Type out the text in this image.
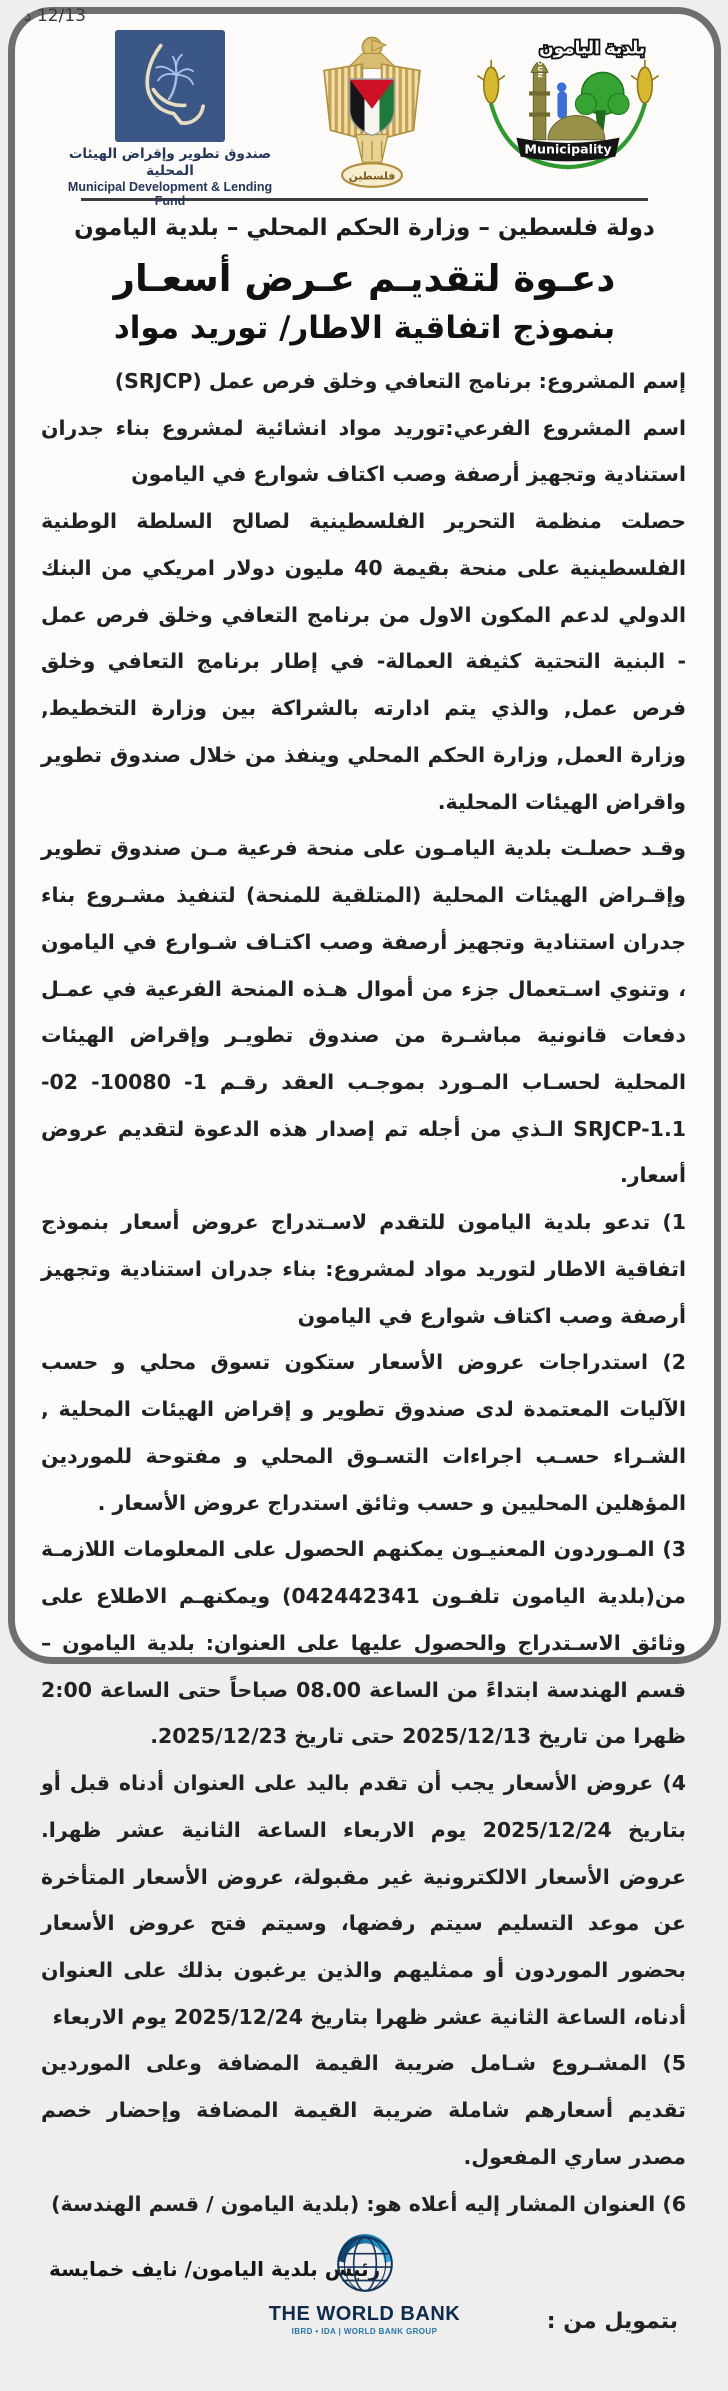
صندوق تطوير وإقراض الهيئات المحلية
Municipal Development & Lending Fund
فلسطين
ALYAMOUN
Municipality
بلدية اليامون
دولة فلسطين – وزارة الحكم المحلي – بلدية اليامون
دعـوة لتقديـم عـرض أسعـار
بنموذج اتفاقية الاطار/ توريد مواد

إسم المشروع: برنامج التعافي وخلق فرص عمل (SRJCP)

اسم المشروع الفرعي:توريد مواد انشائية لمشروع بناء جدران استنادية وتجهيز أرصفة وصب اكتاف شوارع في اليامون

حصلت منظمة التحرير الفلسطينية لصالح السلطة الوطنية الفلسطينية على منحة بقيمة 40 مليون دولار امريكي من البنك الدولي لدعم المكون الاول من برنامج التعافي وخلق فرص عمل - البنية التحتية كثيفة العمالة- في إطار برنامج التعافي وخلق فرص عمل, والذي يتم ادارته بالشراكة بين وزارة التخطيط, وزارة العمل, وزارة الحكم المحلي وينفذ من خلال صندوق تطوير واقراض الهيئات المحلية.

وقـد حصلـت بلدية اليامـون على منحة فرعية مـن صندوق تطوير وإقـراض الهيئات المحلية (المتلقية للمنحة) لتنفيذ مشـروع بناء جدران استنادية وتجهيز أرصفة وصب اكتـاف شـوارع في اليامون ، وتنوي اسـتعمال جزء من أموال هـذه المنحة الفرعية في عمـل دفعات قانونية مباشـرة من صندوق تطويـر وإقراض الهيئات المحلية لحسـاب المـورد بموجـب العقد رقـم 1- 10080- 02- SRJCP-1.1 الـذي من أجله تم إصدار هذه الدعوة لتقديم عروض أسعار.

1) تدعو بلدية اليامون للتقدم لاسـتدراج عروض أسعار بنموذج اتفاقية الاطار لتوريد مواد لمشروع: بناء جدران استنادية وتجهيز أرصفة وصب اكتاف شوارع في اليامون

2) استدراجات عروض الأسعار ستكون تسوق محلي و حسب الآليات المعتمدة لدى صندوق تطوير و إقراض الهيئات المحلية , الشـراء حسـب اجراءات التسـوق المحلي و مفتوحة للموردين المؤهلين المحليين و حسب وثائق استدراج عروض الأسعار .

3) المـوردون المعنيـون يمكنهم الحصول على المعلومات اللازمـة من(بلدية اليامون تلفـون 042442341) ويمكنهـم الاطلاع على وثائق الاسـتدراج والحصول عليها على العنوان: بلدية اليامون – قسم الهندسة ابتداءً من الساعة 08.00 صباحاً حتى الساعة 2:00 ظهرا من تاريخ 2025/12/13 حتى تاريخ 2025/12/23.

4) عروض الأسعار يجب أن تقدم باليد على العنوان أدناه قبل أو بتاريخ 2025/12/24 يوم الاربعاء الساعة الثانية عشر ظهرا. عروض الأسعار الالكترونية غير مقبولة، عروض الأسعار المتأخرة عن موعد التسليم سيتم رفضها، وسيتم فتح عروض الأسعار بحضور الموردون أو ممثليهم والذين يرغبون بذلك على العنوان أدناه، الساعة الثانية عشر ظهرا بتاريخ 2025/12/24 يوم الاربعاء

5) المشـروع شـامل ضريبة القيمة المضافة وعلى الموردين تقديم أسعارهم شاملة ضريبة القيمة المضافة وإحضار خصم مصدر ساري المفعول.

6) العنوان المشار إليه أعلاه هو: (بلدية اليامون / قسم الهندسة)

رئيس بلدية اليامون/ نايف خمايسة
بتمويل من :
THE WORLD BANK
IBRD • IDA | WORLD BANK GROUP
12/13 د
